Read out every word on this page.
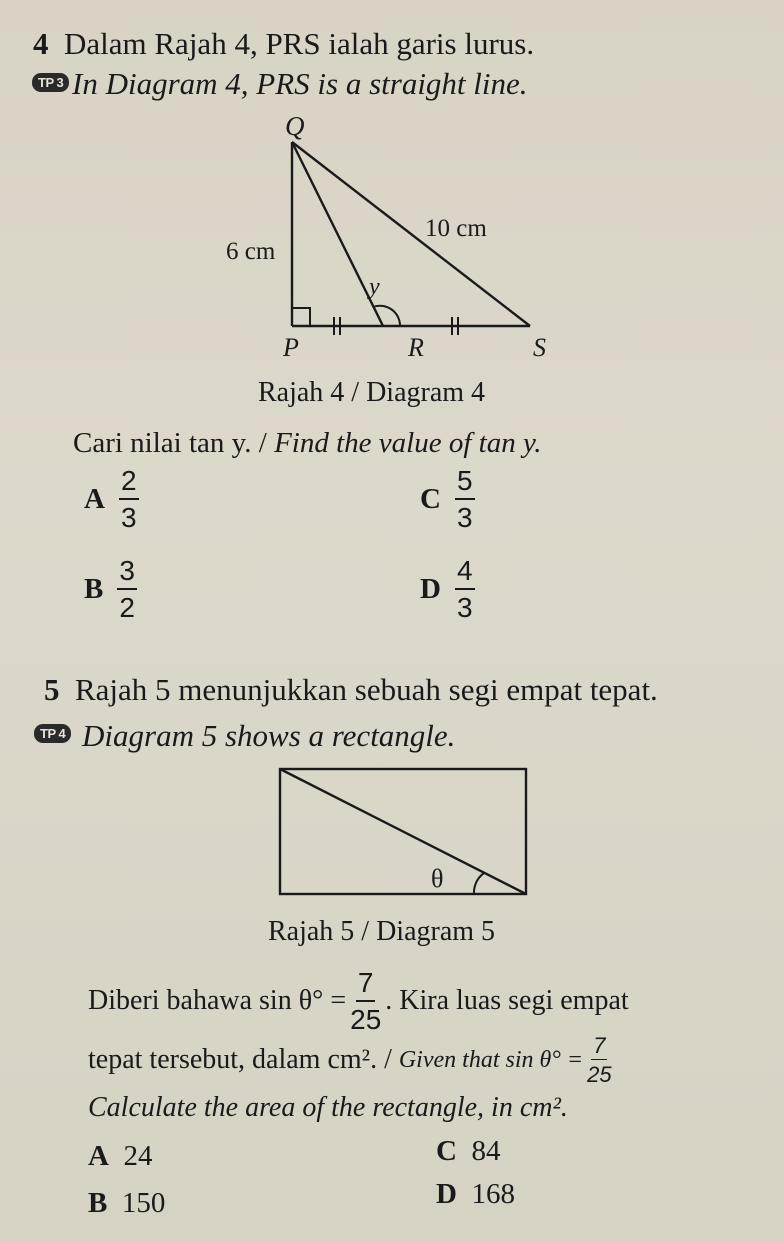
4 Dalam Rajah 4, PRS ialah garis lurus.
TP 3 In Diagram 4, PRS is a straight line.
Q
P	R	S
y
6 cm
10 cm
Rajah 4 / Diagram 4
Cari nilai tan y. / Find the value of tan y.
A $\frac{2}{3}$	C $\frac{5}{3}$
B $\frac{3}{2}$	D $\frac{4}{3}$
5 Rajah 5 menunjukkan sebuah segi empat tepat.
TP 4 Diagram 5 shows a rectangle.
θ
Rajah 5 / Diagram 5
Diberi bahawa $\sin \theta^\circ = \frac{7}{25}$ . Kira luas segi empat
tepat tersebut, dalam cm². /
Given that $\sin \theta^\circ = \frac{7}{25}$
Calculate the area of the rectangle, in cm².
A 24	C 84
B 150	D 168
